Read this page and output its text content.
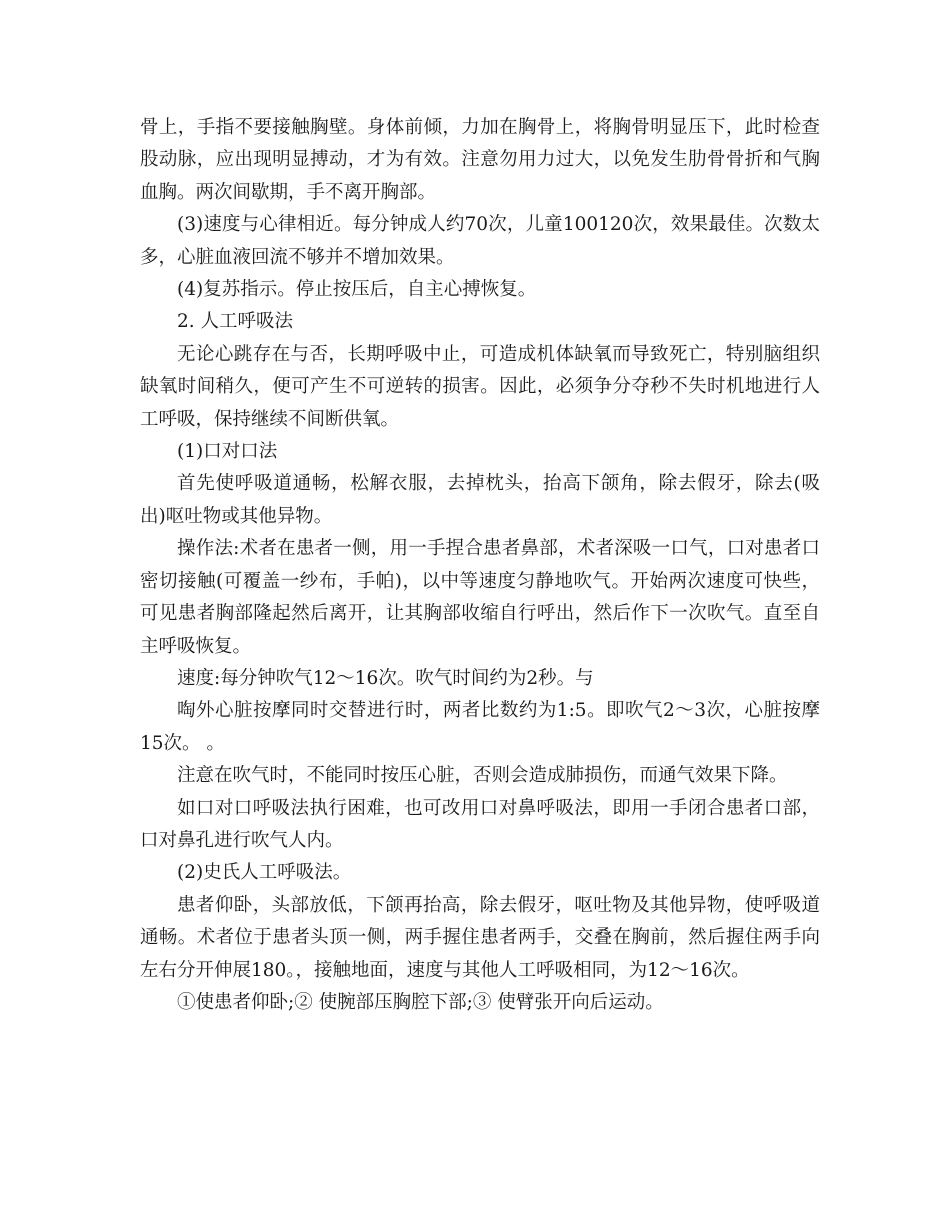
骨上，手指不要接触胸壁。身体前倾，力加在胸骨上，将胸骨明显压下，此时检查股动脉，应出现明显搏动，才为有效。注意勿用力过大，以免发生肋骨骨折和气胸血胸。两次间歇期，手不离开胸部。

(3)速度与心律相近。每分钟成人约70次，儿童100120次，效果最佳。次数太多，心脏血液回流不够并不增加效果。

(4)复苏指示。停止按压后，自主心搏恢复。

2. 人工呼吸法

无论心跳存在与否，长期呼吸中止，可造成机体缺氧而导致死亡，特别脑组织缺氧时间稍久，便可产生不可逆转的损害。因此，必须争分夺秒不失时机地进行人工呼吸，保持继续不间断供氧。

(1)口对口法

首先使呼吸道通畅，松解衣服，去掉枕头，抬高下颌角，除去假牙，除去(吸出)呕吐物或其他异物。

操作法:术者在患者一侧，用一手捏合患者鼻部，术者深吸一口气，口对患者口密切接触(可覆盖一纱布，手帕)，以中等速度匀静地吹气。开始两次速度可快些，可见患者胸部隆起然后离开，让其胸部收缩自行呼出，然后作下一次吹气。直至自主呼吸恢复。

速度:每分钟吹气12～16次。吹气时间约为2秒。与

啕外心脏按摩同时交替进行时，两者比数约为1:5。即吹气2～3次，心脏按摩15次。 。

注意在吹气时，不能同时按压心脏，否则会造成肺损伤，而通气效果下降。

如口对口呼吸法执行困难，也可改用口对鼻呼吸法，即用一手闭合患者口部，口对鼻孔进行吹气人内。

(2)史氏人工呼吸法。

患者仰卧，头部放低，下颌再抬高，除去假牙，呕吐物及其他异物，使呼吸道通畅。术者位于患者头顶一侧，两手握住患者两手，交叠在胸前，然后握住两手向左右分开伸展180。，接触地面，速度与其他人工呼吸相同，为12～16次。

①使患者仰卧;② 使腕部压胸腔下部;③ 使臂张开向后运动。
